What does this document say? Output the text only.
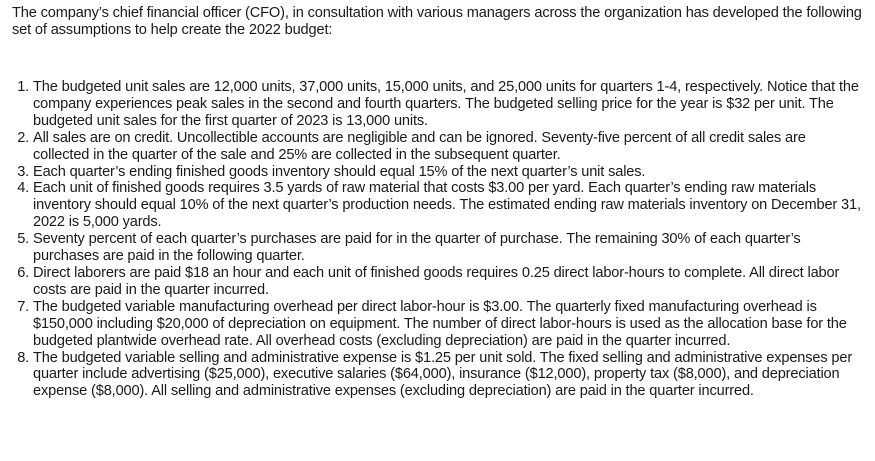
The company’s chief financial officer (CFO), in consultation with various managers across the organization has developed the following set of assumptions to help create the 2022 budget:

1. The budgeted unit sales are 12,000 units, 37,000 units, 15,000 units, and 25,000 units for quarters 1-4, respectively. Notice that the company experiences peak sales in the second and fourth quarters. The budgeted selling price for the year is $32 per unit. The budgeted unit sales for the first quarter of 2023 is 13,000 units.
2. All sales are on credit. Uncollectible accounts are negligible and can be ignored. Seventy-five percent of all credit sales are collected in the quarter of the sale and 25% are collected in the subsequent quarter.
3. Each quarter’s ending finished goods inventory should equal 15% of the next quarter’s unit sales.
4. Each unit of finished goods requires 3.5 yards of raw material that costs $3.00 per yard. Each quarter’s ending raw materials inventory should equal 10% of the next quarter’s production needs. The estimated ending raw materials inventory on December 31, 2022 is 5,000 yards.
5. Seventy percent of each quarter’s purchases are paid for in the quarter of purchase. The remaining 30% of each quarter’s purchases are paid in the following quarter.
6. Direct laborers are paid $18 an hour and each unit of finished goods requires 0.25 direct labor-hours to complete. All direct labor costs are paid in the quarter incurred.
7. The budgeted variable manufacturing overhead per direct labor-hour is $3.00. The quarterly fixed manufacturing overhead is $150,000 including $20,000 of depreciation on equipment. The number of direct labor-hours is used as the allocation base for the budgeted plantwide overhead rate. All overhead costs (excluding depreciation) are paid in the quarter incurred.
8. The budgeted variable selling and administrative expense is $1.25 per unit sold. The fixed selling and administrative expenses per quarter include advertising ($25,000), executive salaries ($64,000), insurance ($12,000), property tax ($8,000), and depreciation expense ($8,000). All selling and administrative expenses (excluding depreciation) are paid in the quarter incurred.
